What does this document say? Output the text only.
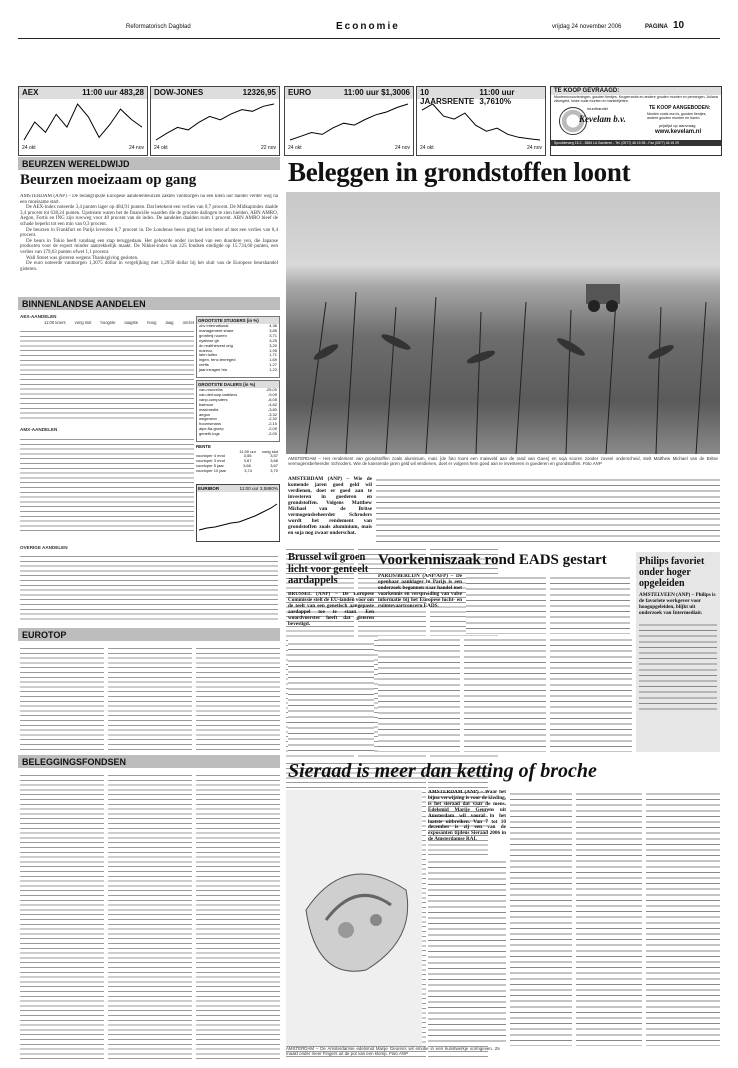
Reformatorisch Dagblad	Economie	vrijdag 24 november 2006	PAGINA 10
AEX	11:00 uur 483,28
24 okt	24 nov
DOW-JONES	12326,95
24 okt	22 nov
EURO	11:00 uur $1,3006
24 okt	24 nov
10 JAARSRENTE
11:00 uur 3,7610%
24 okt	24 nov
TE KOOP GEVRAAGD:
Munteenvoorzieningen, gouden tientjes, Krugerrands en andere gouden munten en penningen, Juliana zilvergeld, losse oude munten en bankbiljetten.
Kevelam b.v.
munthandel	TE KOOP AANGEBODEN:
Munten zoals euro's, gouden tientjes, andere gouden munten en baren.
prijslijst op aanvraag
www.kevelam.nl
Spoolderweg 15-2 - 3886 LA Garderen - Tel. (0577) 46 15 55 - Fax (0577) 46 15 29
BEURZEN WERELDWIJD
Beurzen moeizaam op gang

AMSTERDAM (ANP) – De belangrijkste Europese aandelenbeurzen zakten vanmorgen na een klein uur handel verder weg na een moeizame start.

De AEX-index noteerde 3,4 punten lager op 484,91 punten. Dat betekent een verlies van 0,7 procent. De Midkapindex daalde 3,4 procent tot 638,24 punten. Upstream waren het de financiële waarden die de grootste dalingen te zien hielden, ABN AMRO, Aegon, Fortis en ING zijn ruwweg voor 40 procent van de index. De aandelen daalden ruim 1 procent. ABN AMRO bleef de schade beperkt tot een min van 0,3 procent.

De beurzen in Frankfurt en Parijs leverden 0,7 procent in. De Londense beurs ging het iets beter af met een verlies van 0,4 procent.

De beurs in Tokio heeft vandaag een stap teruggedaan. Het gehoorde onder invloed van een duurdere yen, die Japanse producten voor de export minder aantrekkelijk maakt. De Nikkei-index van 225 fondsen eindigde op 15.734,60 punten, een verlies van 179,63 punten ofwel 1,1 procent.

Wall Street was gisteren wegens Thanksgiving gesloten.

De euro noteerde vanmorgen 1,3075 dollar in vergelijking met 1,2950 dollar bij het sluit van de Europese beurshandel gisteren.

BINNENLANDSE AANDELEN
AEX-AANDELEN
11:00 koers vorig slot hoogste laagste hoog laag omzet
AMX-AANDELEN
OVERIGE AANDELEN
GROOTSTE STIJGERS (in %)
ohv international	4,36
management share	3,85
grontmij nooren	3,71
nyabroe gh	3,25
dn realthinvest orig	3,20
nutreco	1,95
lahn tulleo	1,71
ingen. tenc.tenreged	1,69
reefls	1,27
jaar.erragee hla	1,22
GROOTSTE DALERS (in %)
van.mucrelhs	-25,00
van.derhoop.tadelecs	-9,09
vanp.computers	-6,05
balmoor	-4,82
maximedia	-3,80
aegon	-3,32
wegenexx	-2,32
hoornsmans	-2,15
alpe-fla-groep	-2,09
geneth.ings	-2,00
RENTE
11:00 uur vorig slot
voorloper 4 mnd	3,55	3,57
voorloper 3 mnd	3,67	3,66
voorloper 5 jaar	3,66	3,67
voorloper 10 jaar	3,74	3,70
EURIBOR	11:00 uur 3,5880%
EUROTOP
BELEGGINGSFONDSEN
Beleggen in grondstoffen loont
AMSTERDAM – Het rendement van grondstoffen zoals aluminium, mais (de foto toont een maisveld aan de rand van Goes) en soja scoren zonder zoveel onderscheid, stelt Matthew Michael van de Britse vermogensbeheerder Schroders. Wie de kansrende jaren geld wil verdienen, doet er volgens hem goed aan te investeren in goederen en grondstoffen. Foto ANP
AMSTERDAM (ANP) – Wie de komende jaren goed geld wil verdienen, doet er goed aan te investeren in goederen en grondstoffen. Volgens Matthew Michael van de Britse vermogensbeheerder Schroders wordt het rendement van grondstoffen zoals aluminium, mais en soja nog zwaar onderschat.
Brussel wil groen licht voor genteelt aardappels
BRUSSEL (ANP) – De Europese Commissie stelt de EU-landen voor om de teelt van een genetisch aangepaste aardappel toe te staan. Een woordvoerster heeft dat gisteren bevestigd.
Voorkenniszaak rond EADS gestart
PARIJS/BERLIJN (ANP/AFP) – De openbaar aanklager in Parijs is een onderzoek begonnen naar handel met voorkennis en verspreiding van valse informatie bij het Europese lucht- en ruimtevaartconcern EADS.
Philips favoriet onder hoger opgeleiden
AMSTELVEEN (ANP) – Philips is de favoriete werkgever voor hoogopgeleiden, blijkt uit onderzoek van Intermediair.
Sieraad is meer dan ketting of broche
AMSTERDAM – De Amsterdamse edelsmid Marije Geurens wil emotie in een kunstwerkje vormgeven. Ze maakt onder meer Fingers uit de pot van een klomp. Foto ANP
AMSTERDAM (ANP) – Waar het bijna verwijzing is voor de kleding, is het sieraad dat vaar de mens. Edelsmid Marije Geurens uit Amsterdam wil vooral in het laatste uitbreiken. Van 7 tot 10 december is zij een van de exposanten tijdens Sieraad 2006 in de Amsterdamse RAI.
